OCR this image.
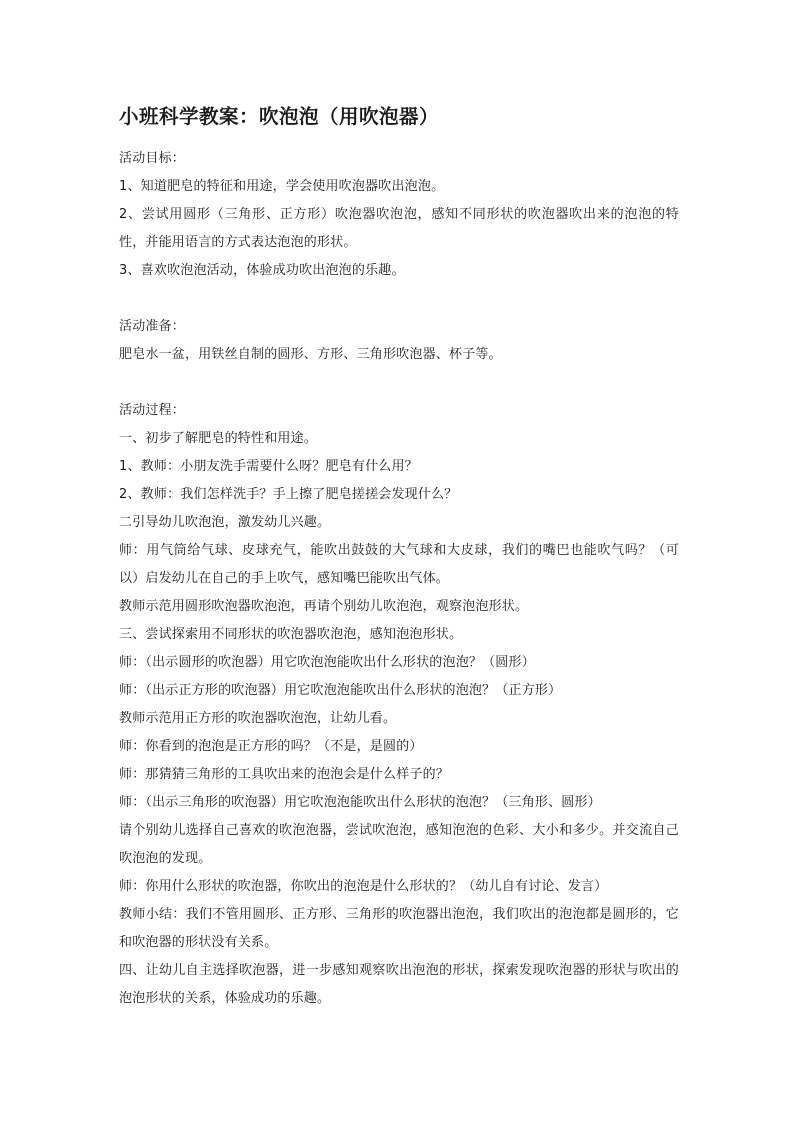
小班科学教案：吹泡泡（用吹泡器）

活动目标：

1、知道肥皂的特征和用途，学会使用吹泡器吹出泡泡。

2、尝试用圆形（三角形、正方形）吹泡器吹泡泡，感知不同形状的吹泡器吹出来的泡泡的特性，并能用语言的方式表达泡泡的形状。

3、喜欢吹泡泡活动，体验成功吹出泡泡的乐趣。

活动准备：

肥皂水一盆，用铁丝自制的圆形、方形、三角形吹泡器、杯子等。

活动过程：

一、初步了解肥皂的特性和用途。

1、教师：小朋友洗手需要什么呀？肥皂有什么用？

2、教师：我们怎样洗手？手上擦了肥皂搓搓会发现什么？

二引导幼儿吹泡泡，激发幼儿兴趣。

师：用气筒给气球、皮球充气，能吹出鼓鼓的大气球和大皮球，我们的嘴巴也能吹气吗？（可以）启发幼儿在自己的手上吹气，感知嘴巴能吹出气体。

教师示范用圆形吹泡器吹泡泡，再请个别幼儿吹泡泡，观察泡泡形状。

三、尝试探索用不同形状的吹泡器吹泡泡，感知泡泡形状。

师：（出示圆形的吹泡器）用它吹泡泡能吹出什么形状的泡泡？（圆形）

师：（出示正方形的吹泡器）用它吹泡泡能吹出什么形状的泡泡？（正方形）

教师示范用正方形的吹泡器吹泡泡，让幼儿看。

师：你看到的泡泡是正方形的吗？（不是，是圆的）

师：那猜猜三角形的工具吹出来的泡泡会是什么样子的？

师：（出示三角形的吹泡器）用它吹泡泡能吹出什么形状的泡泡？（三角形、圆形）

请个别幼儿选择自己喜欢的吹泡泡器，尝试吹泡泡，感知泡泡的色彩、大小和多少。并交流自己吹泡泡的发现。

师：你用什么形状的吹泡器，你吹出的泡泡是什么形状的？（幼儿自有讨论、发言）

教师小结：我们不管用圆形、正方形、三角形的吹泡器出泡泡，我们吹出的泡泡都是圆形的，它和吹泡器的形状没有关系。

四、让幼儿自主选择吹泡器，进一步感知观察吹出泡泡的形状，探索发现吹泡器的形状与吹出的泡泡形状的关系，体验成功的乐趣。
